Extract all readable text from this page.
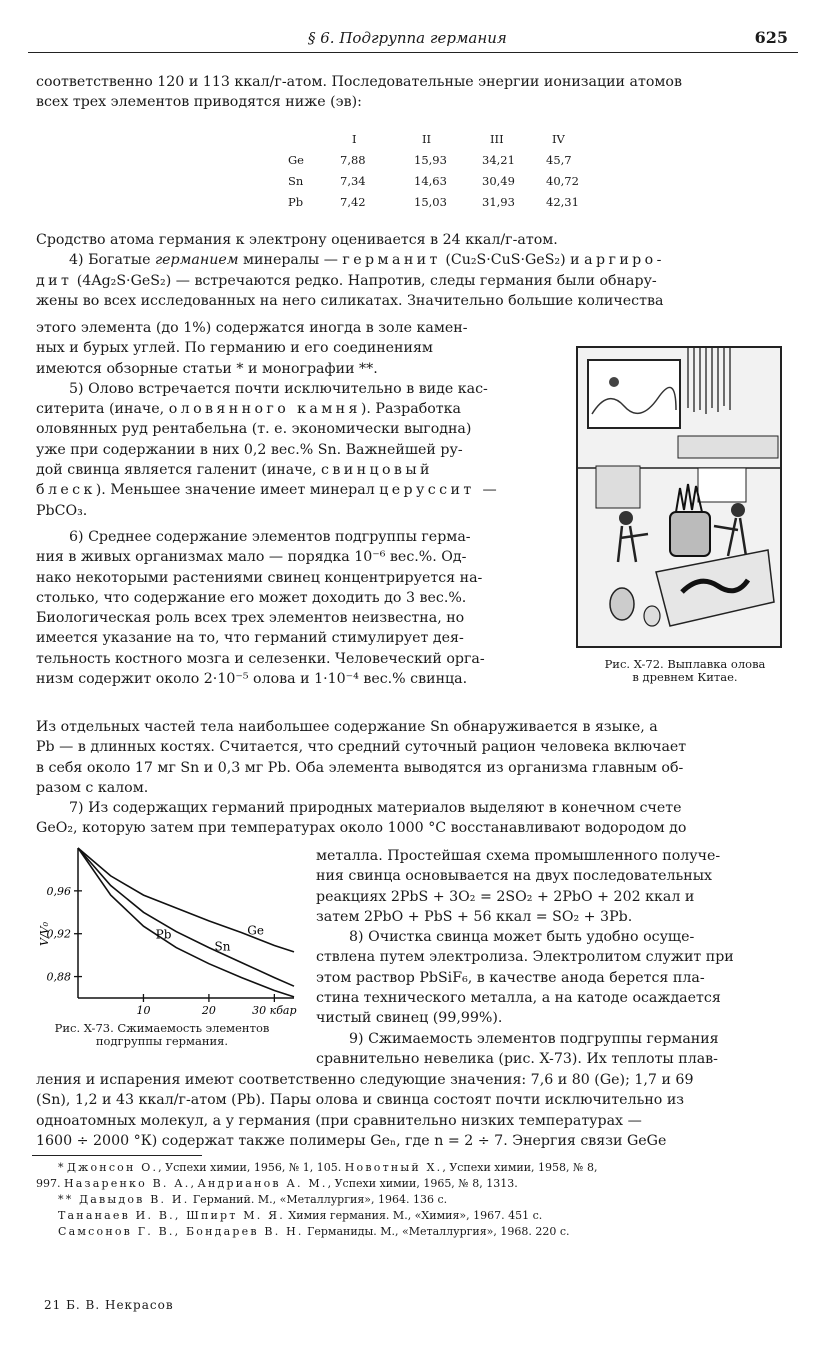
§ 6. Подгруппа германия	625

соответственно 120 и 113 ккал/г-атом. Последовательные энергии ионизации атомов

всех трех элементов приводятся ниже (эв):

	I	II	III	IV
Ge	7,88	15,93	34,21	45,7
Sn	7,34	14,63	30,49	40,72
Pb	7,42	15,03	31,93	42,31

Сродство атома германия к электрону оценивается в 24 ккал/г-атом.

4) Богатые германием минералы — германит (Cu₂S·CuS·GeS₂) и аргиро-

дит (4Ag₂S·GeS₂) — встречаются редко. Напротив, следы германия были обнару-

жены во всех исследованных на него силикатах. Значительно большие количества

этого элемента (до 1%) содержатся иногда в золе камен-

ных и бурых углей. По германию и его соединениям

имеются обзорные статьи * и монографии **.

5) Олово встречается почти исключительно в виде кас-

ситерита (иначе, оловянного камня). Разработка

оловянных руд рентабельна (т. е. экономически выгодна)

уже при содержании в них 0,2 вес.% Sn. Важнейшей ру-

дой свинца является галенит (иначе, свинцовый

блеск). Меньшее значение имеет минерал церуссит —

PbCO₃.

6) Среднее содержание элементов подгруппы герма-

ния в живых организмах мало — порядка 10⁻⁶ вес.%. Од-

нако некоторыми растениями свинец концентрируется на-

столько, что содержание его может доходить до 3 вес.%.

Биологическая роль всех трех элементов неизвестна, но

имеется указание на то, что германий стимулирует дея-

тельность костного мозга и селезенки. Человеческий орга-

низм содержит около 2·10⁻⁵ олова и 1·10⁻⁴ вес.% свинца.

Рис. X-72. Выплавка олова
в древнем Китае.

Из отдельных частей тела наибольшее содержание Sn обнаруживается в языке, а

Pb — в длинных костях. Считается, что средний суточный рацион человека включает

в себя около 17 мг Sn и 0,3 мг Pb. Оба элемента выводятся из организма главным об-

разом с калом.

7) Из содержащих германий природных материалов выделяют в конечном счете

GeO₂, которую затем при температурах около 1000 °С восстанавливают водородом до

V/V₀
0,96
0,92
0,88
10	20	30 кбар
Ge
Sn
Pb
Рис. X-73. Сжимаемость элементов
подгруппы германия.

металла. Простейшая схема промышленного получе-

ния свинца основывается на двух последовательных

реакциях 2PbS + 3O₂ = 2SO₂ + 2PbO + 202 ккал и

затем 2PbO + PbS + 56 ккал = SO₂ + 3Pb.

8) Очистка свинца может быть удобно осуще-

ствлена путем электролиза. Электролитом служит при

этом раствор PbSiF₆, в качестве анода берется пла-

стина технического металла, а на катоде осаждается

чистый свинец (99,99%).

9) Сжимаемость элементов подгруппы германия

сравнительно невелика (рис. X-73). Их теплоты плав-

ления и испарения имеют соответственно следующие значения: 7,6 и 80 (Ge); 1,7 и 69

(Sn), 1,2 и 43 ккал/г-атом (Pb). Пары олова и свинца состоят почти исключительно из

одноатомных молекул, а у германия (при сравнительно низких температурах —

1600 ÷ 2000 °К) содержат также полимеры Geₙ, где n = 2 ÷ 7. Энергия связи GeGe

* Джонсон О., Успехи химии, 1956, № 1, 105. Новотный Х., Успехи химии, 1958, № 8,

997. Назаренко В. А., Андрианов А. М., Успехи химии, 1965, № 8, 1313.

** Давыдов В. И. Германий. М., «Металлургия», 1964. 136 с.

Тананаев И. В., Шпирт М. Я. Химия германия. М., «Химия», 1967. 451 с.

Самсонов Г. В., Бондарев В. Н. Германиды. М., «Металлургия», 1968. 220 с.

21 Б. В. Некрасов
